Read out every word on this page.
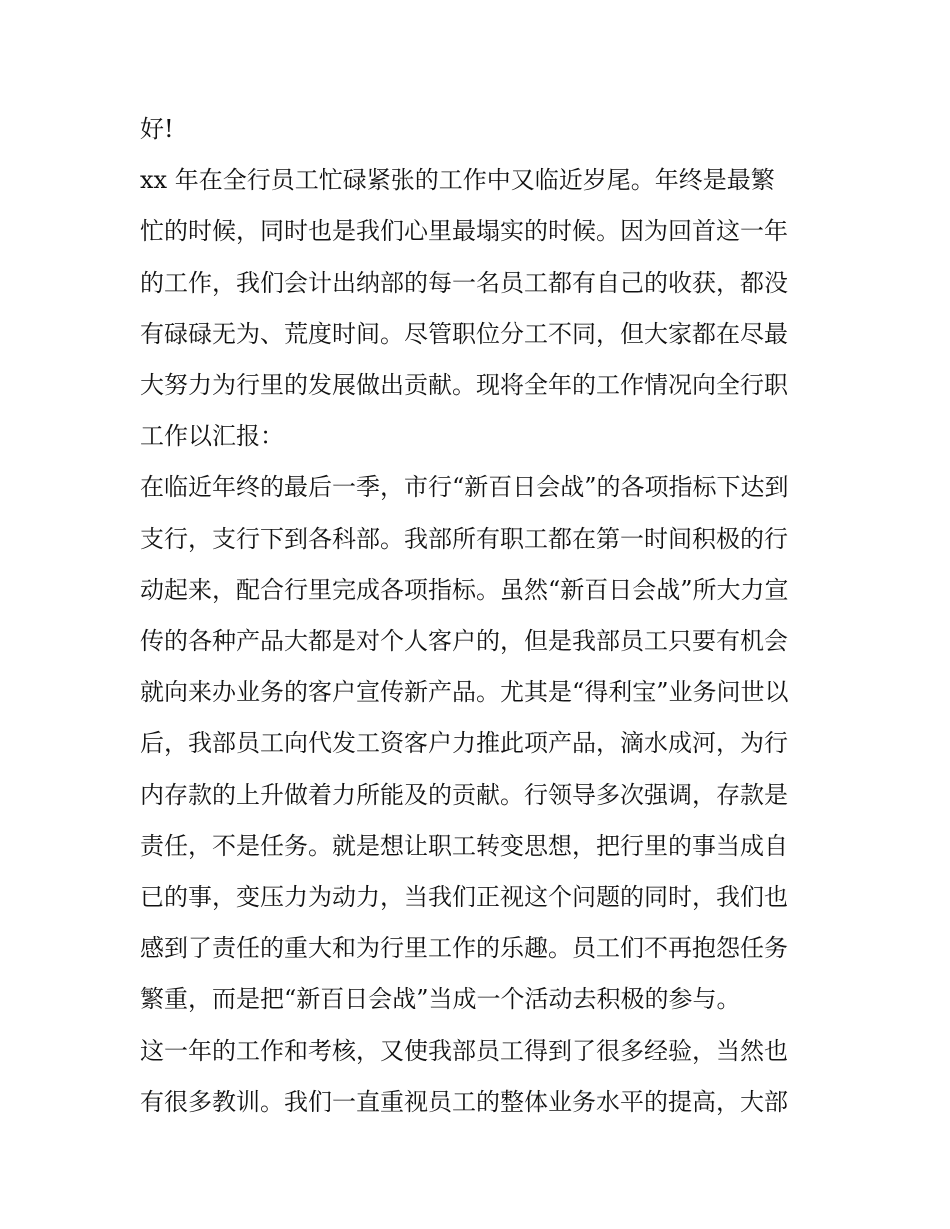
好!

xx 年在全行员工忙碌紧张的工作中又临近岁尾。年终是最繁
忙的时候，同时也是我们心里最塌实的时候。因为回首这一年
的工作，我们会计出纳部的每一名员工都有自己的收获，都没
有碌碌无为、荒度时间。尽管职位分工不同，但大家都在尽最
大努力为行里的发展做出贡献。现将全年的工作情况向全行职
工作以汇报：

在临近年终的最后一季，市行“新百日会战”的各项指标下达到
支行，支行下到各科部。我部所有职工都在第一时间积极的行
动起来，配合行里完成各项指标。虽然“新百日会战”所大力宣
传的各种产品大都是对个人客户的，但是我部员工只要有机会
就向来办业务的客户宣传新产品。尤其是“得利宝”业务问世以
后，我部员工向代发工资客户力推此项产品，滴水成河，为行
内存款的上升做着力所能及的贡献。行领导多次强调，存款是
责任，不是任务。就是想让职工转变思想，把行里的事当成自
已的事，变压力为动力，当我们正视这个问题的同时，我们也
感到了责任的重大和为行里工作的乐趣。员工们不再抱怨任务
繁重，而是把“新百日会战”当成一个活动去积极的参与。

这一年的工作和考核，又使我部员工得到了很多经验，当然也
有很多教训。我们一直重视员工的整体业务水平的提高，大部
